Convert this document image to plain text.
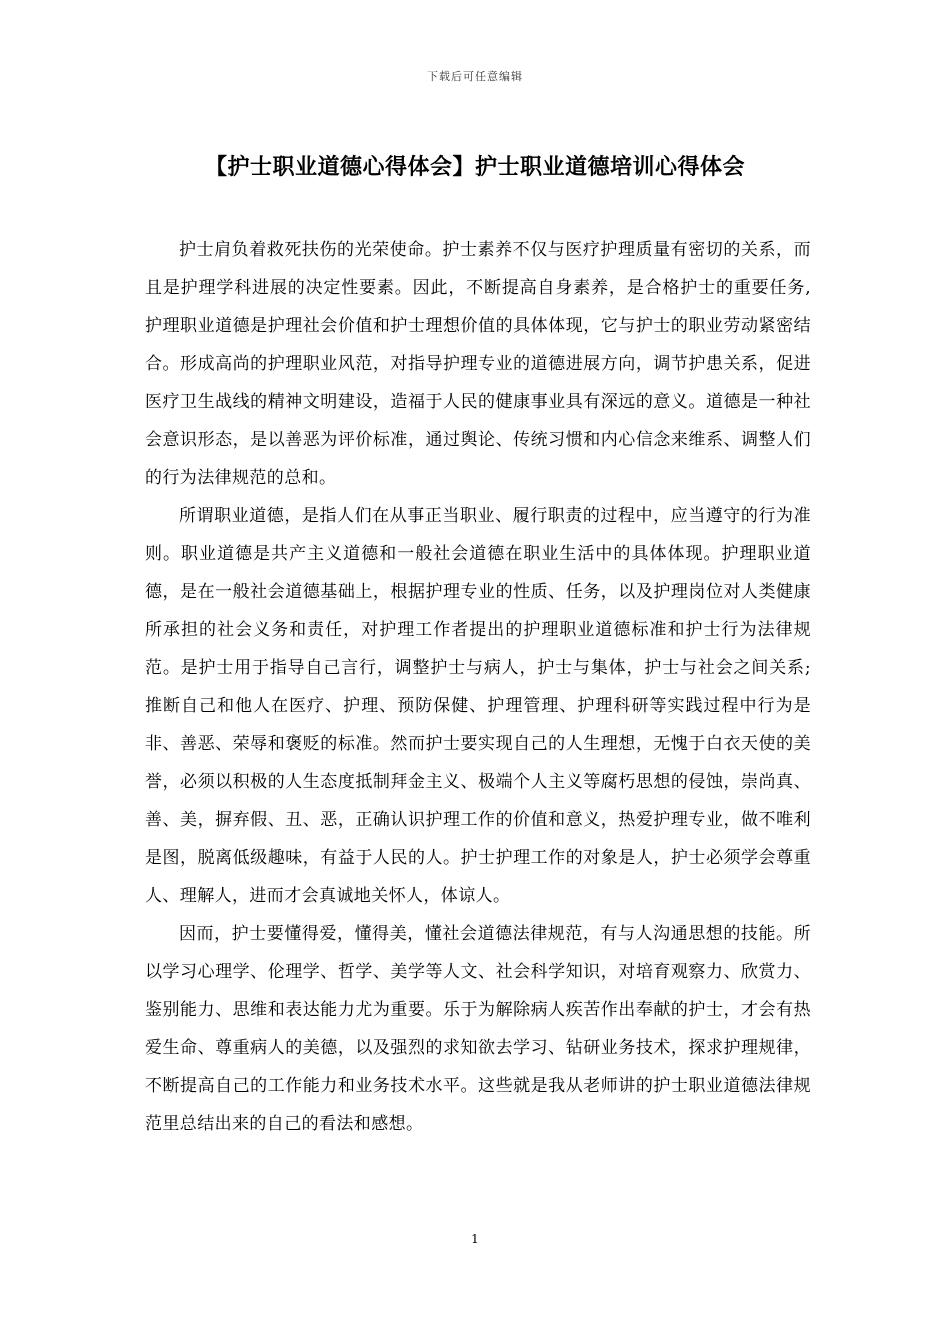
下载后可任意编辑
【护士职业道德心得体会】护士职业道德培训心得体会

护士肩负着救死扶伤的光荣使命。护士素养不仅与医疗护理质量有密切的关系，而且是护理学科进展的决定性要素。因此，不断提高自身素养，是合格护士的重要任务,护理职业道德是护理社会价值和护士理想价值的具体体现，它与护士的职业劳动紧密结合。形成高尚的护理职业风范，对指导护理专业的道德进展方向，调节护患关系，促进医疗卫生战线的精神文明建设，造福于人民的健康事业具有深远的意义。道德是一种社会意识形态，是以善恶为评价标准，通过舆论、传统习惯和内心信念来维系、调整人们的行为法律规范的总和。

所谓职业道德，是指人们在从事正当职业、履行职责的过程中，应当遵守的行为准则。职业道德是共产主义道德和一般社会道德在职业生活中的具体体现。护理职业道德，是在一般社会道德基础上，根据护理专业的性质、任务，以及护理岗位对人类健康所承担的社会义务和责任，对护理工作者提出的护理职业道德标准和护士行为法律规范。是护士用于指导自己言行，调整护士与病人，护士与集体，护士与社会之间关系;推断自己和他人在医疗、护理、预防保健、护理管理、护理科研等实践过程中行为是非、善恶、荣辱和褒贬的标准。然而护士要实现自己的人生理想，无愧于白衣天使的美誉，必须以积极的人生态度抵制拜金主义、极端个人主义等腐朽思想的侵蚀，崇尚真、善、美，摒弃假、丑、恶，正确认识护理工作的价值和意义，热爱护理专业，做不唯利是图，脱离低级趣味，有益于人民的人。护士护理工作的对象是人，护士必须学会尊重人、理解人，进而才会真诚地关怀人，体谅人。

因而，护士要懂得爱，懂得美，懂社会道德法律规范，有与人沟通思想的技能。所以学习心理学、伦理学、哲学、美学等人文、社会科学知识，对培育观察力、欣赏力、鉴别能力、思维和表达能力尤为重要。乐于为解除病人疾苦作出奉献的护士，才会有热爱生命、尊重病人的美德，以及强烈的求知欲去学习、钻研业务技术，探求护理规律，不断提高自己的工作能力和业务技术水平。这些就是我从老师讲的护士职业道德法律规范里总结出来的自己的看法和感想。

1
